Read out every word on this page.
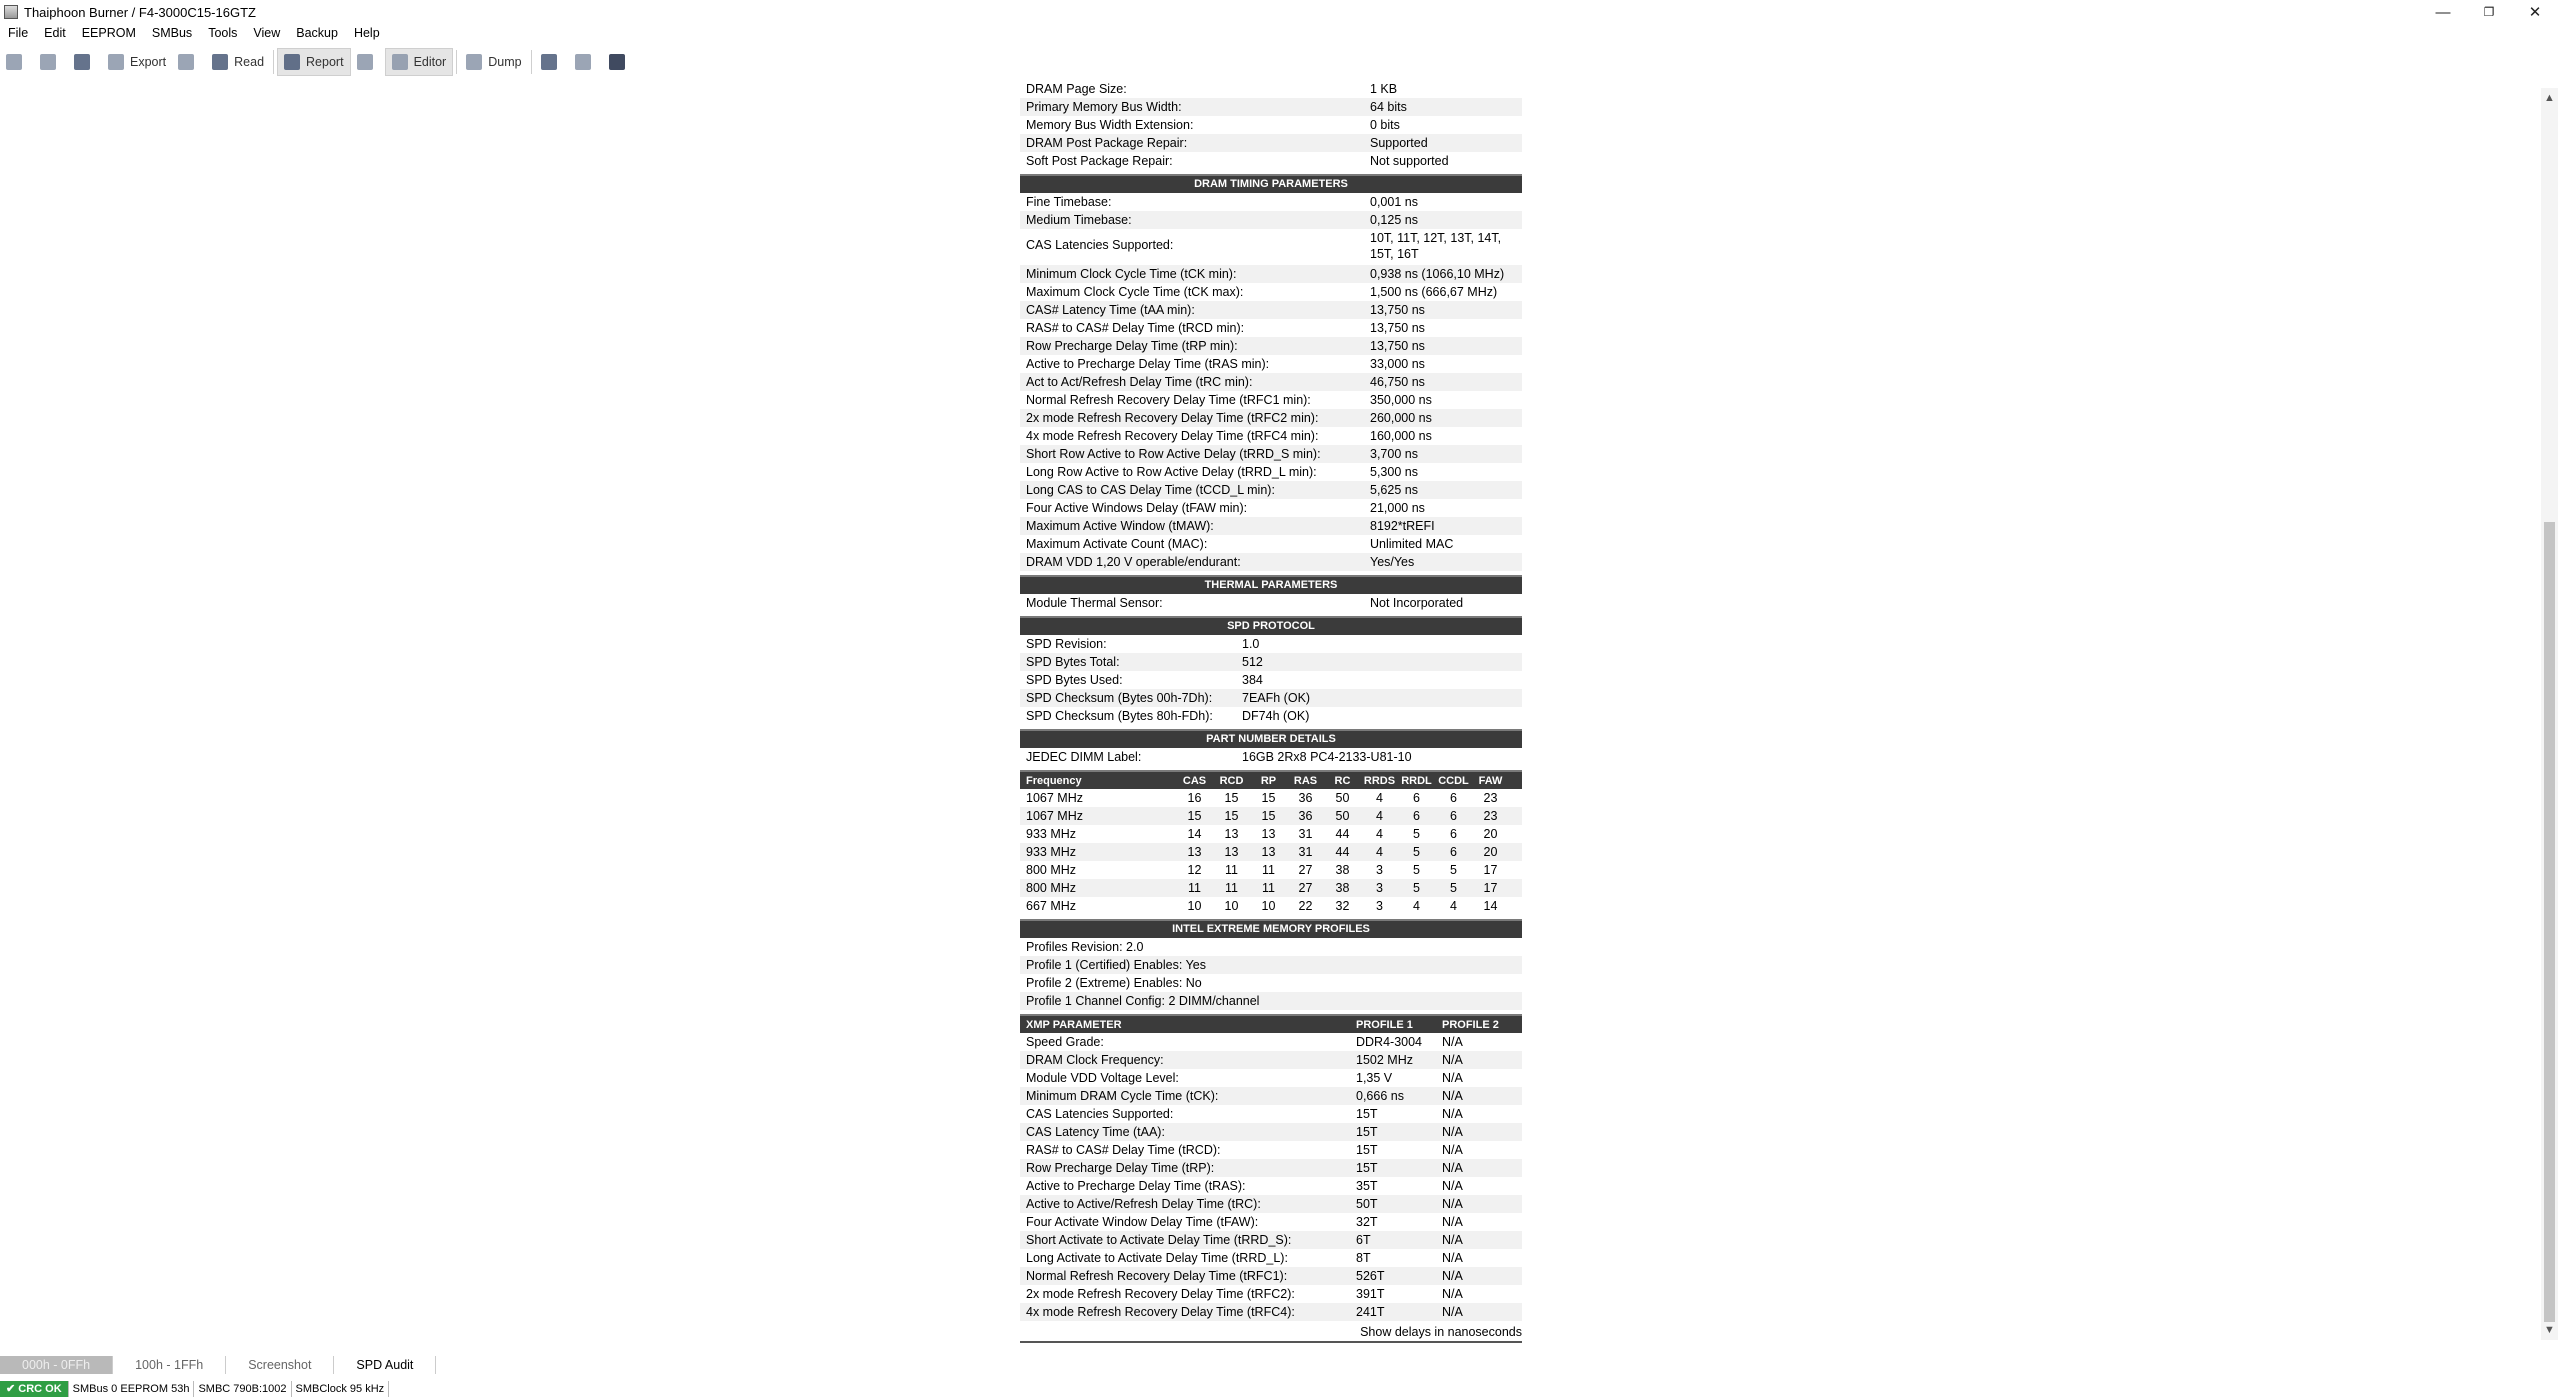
Thaiphoon Burner / F4-3000C15-16GTZ	—	❐	✕
File	Edit	EEPROM	SMBus	Tools	View	Backup	Help
Export	Read	Report	Editor	Dump
DRAM Page Size:	1 KB
Primary Memory Bus Width:	64 bits
Memory Bus Width Extension:	0 bits
DRAM Post Package Repair:	Supported
Soft Post Package Repair:	Not supported
DRAM TIMING PARAMETERS
Fine Timebase:	0,001 ns
Medium Timebase:	0,125 ns
CAS Latencies Supported:	10T, 11T, 12T, 13T, 14T, 15T, 16T
Minimum Clock Cycle Time (tCK min):	0,938 ns (1066,10 MHz)
Maximum Clock Cycle Time (tCK max):	1,500 ns (666,67 MHz)
CAS# Latency Time (tAA min):	13,750 ns
RAS# to CAS# Delay Time (tRCD min):	13,750 ns
Row Precharge Delay Time (tRP min):	13,750 ns
Active to Precharge Delay Time (tRAS min):	33,000 ns
Act to Act/Refresh Delay Time (tRC min):	46,750 ns
Normal Refresh Recovery Delay Time (tRFC1 min):	350,000 ns
2x mode Refresh Recovery Delay Time (tRFC2 min):	260,000 ns
4x mode Refresh Recovery Delay Time (tRFC4 min):	160,000 ns
Short Row Active to Row Active Delay (tRRD_S min):	3,700 ns
Long Row Active to Row Active Delay (tRRD_L min):	5,300 ns
Long CAS to CAS Delay Time (tCCD_L min):	5,625 ns
Four Active Windows Delay (tFAW min):	21,000 ns
Maximum Active Window (tMAW):	8192*tREFI
Maximum Activate Count (MAC):	Unlimited MAC
DRAM VDD 1,20 V operable/endurant:	Yes/Yes
THERMAL PARAMETERS
Module Thermal Sensor:	Not Incorporated
SPD PROTOCOL
SPD Revision:	1.0
SPD Bytes Total:	512
SPD Bytes Used:	384
SPD Checksum (Bytes 00h-7Dh):	7EAFh (OK)
SPD Checksum (Bytes 80h-FDh):	DF74h (OK)
PART NUMBER DETAILS
JEDEC DIMM Label:	16GB 2Rx8 PC4-2133-U81-10
Frequency	CAS	RCD	RP	RAS	RC	RRDS RRDL CCDL FAW
1067 MHz	16	15	15	36	50	4	6	6	23
1067 MHz	15	15	15	36	50	4	6	6	23
933 MHz	14	13	13	31	44	4	5	6	20
933 MHz	13	13	13	31	44	4	5	6	20
800 MHz	12	11	11	27	38	3	5	5	17
800 MHz	11	11	11	27	38	3	5	5	17
667 MHz	10	10	10	22	32	3	4	4	14
INTEL EXTREME MEMORY PROFILES
Profiles Revision: 2.0
Profile 1 (Certified) Enables: Yes
Profile 2 (Extreme) Enables: No
Profile 1 Channel Config: 2 DIMM/channel
XMP PARAMETER	PROFILE 1	PROFILE 2
Speed Grade:	DDR4-3004	N/A
DRAM Clock Frequency:	1502 MHz	N/A
Module VDD Voltage Level:	1,35 V	N/A
Minimum DRAM Cycle Time (tCK):	0,666 ns	N/A
CAS Latencies Supported:	15T	N/A
CAS Latency Time (tAA):	15T	N/A
RAS# to CAS# Delay Time (tRCD):	15T	N/A
Row Precharge Delay Time (tRP):	15T	N/A
Active to Precharge Delay Time (tRAS):	35T	N/A
Active to Active/Refresh Delay Time (tRC):	50T	N/A
Four Activate Window Delay Time (tFAW):	32T	N/A
Short Activate to Activate Delay Time (tRRD_S):	6T	N/A
Long Activate to Activate Delay Time (tRRD_L):	8T	N/A
Normal Refresh Recovery Delay Time (tRFC1):	526T	N/A
2x mode Refresh Recovery Delay Time (tRFC2):	391T	N/A
4x mode Refresh Recovery Delay Time (tRFC4):	241T	N/A
Show delays in nanoseconds
▲
▼
000h - 0FFh	100h - 1FFh	Screenshot	SPD Audit
✔ CRC OK	SMBus 0 EEPROM 53h SMBC 790B:1002 SMBClock 95 kHz
